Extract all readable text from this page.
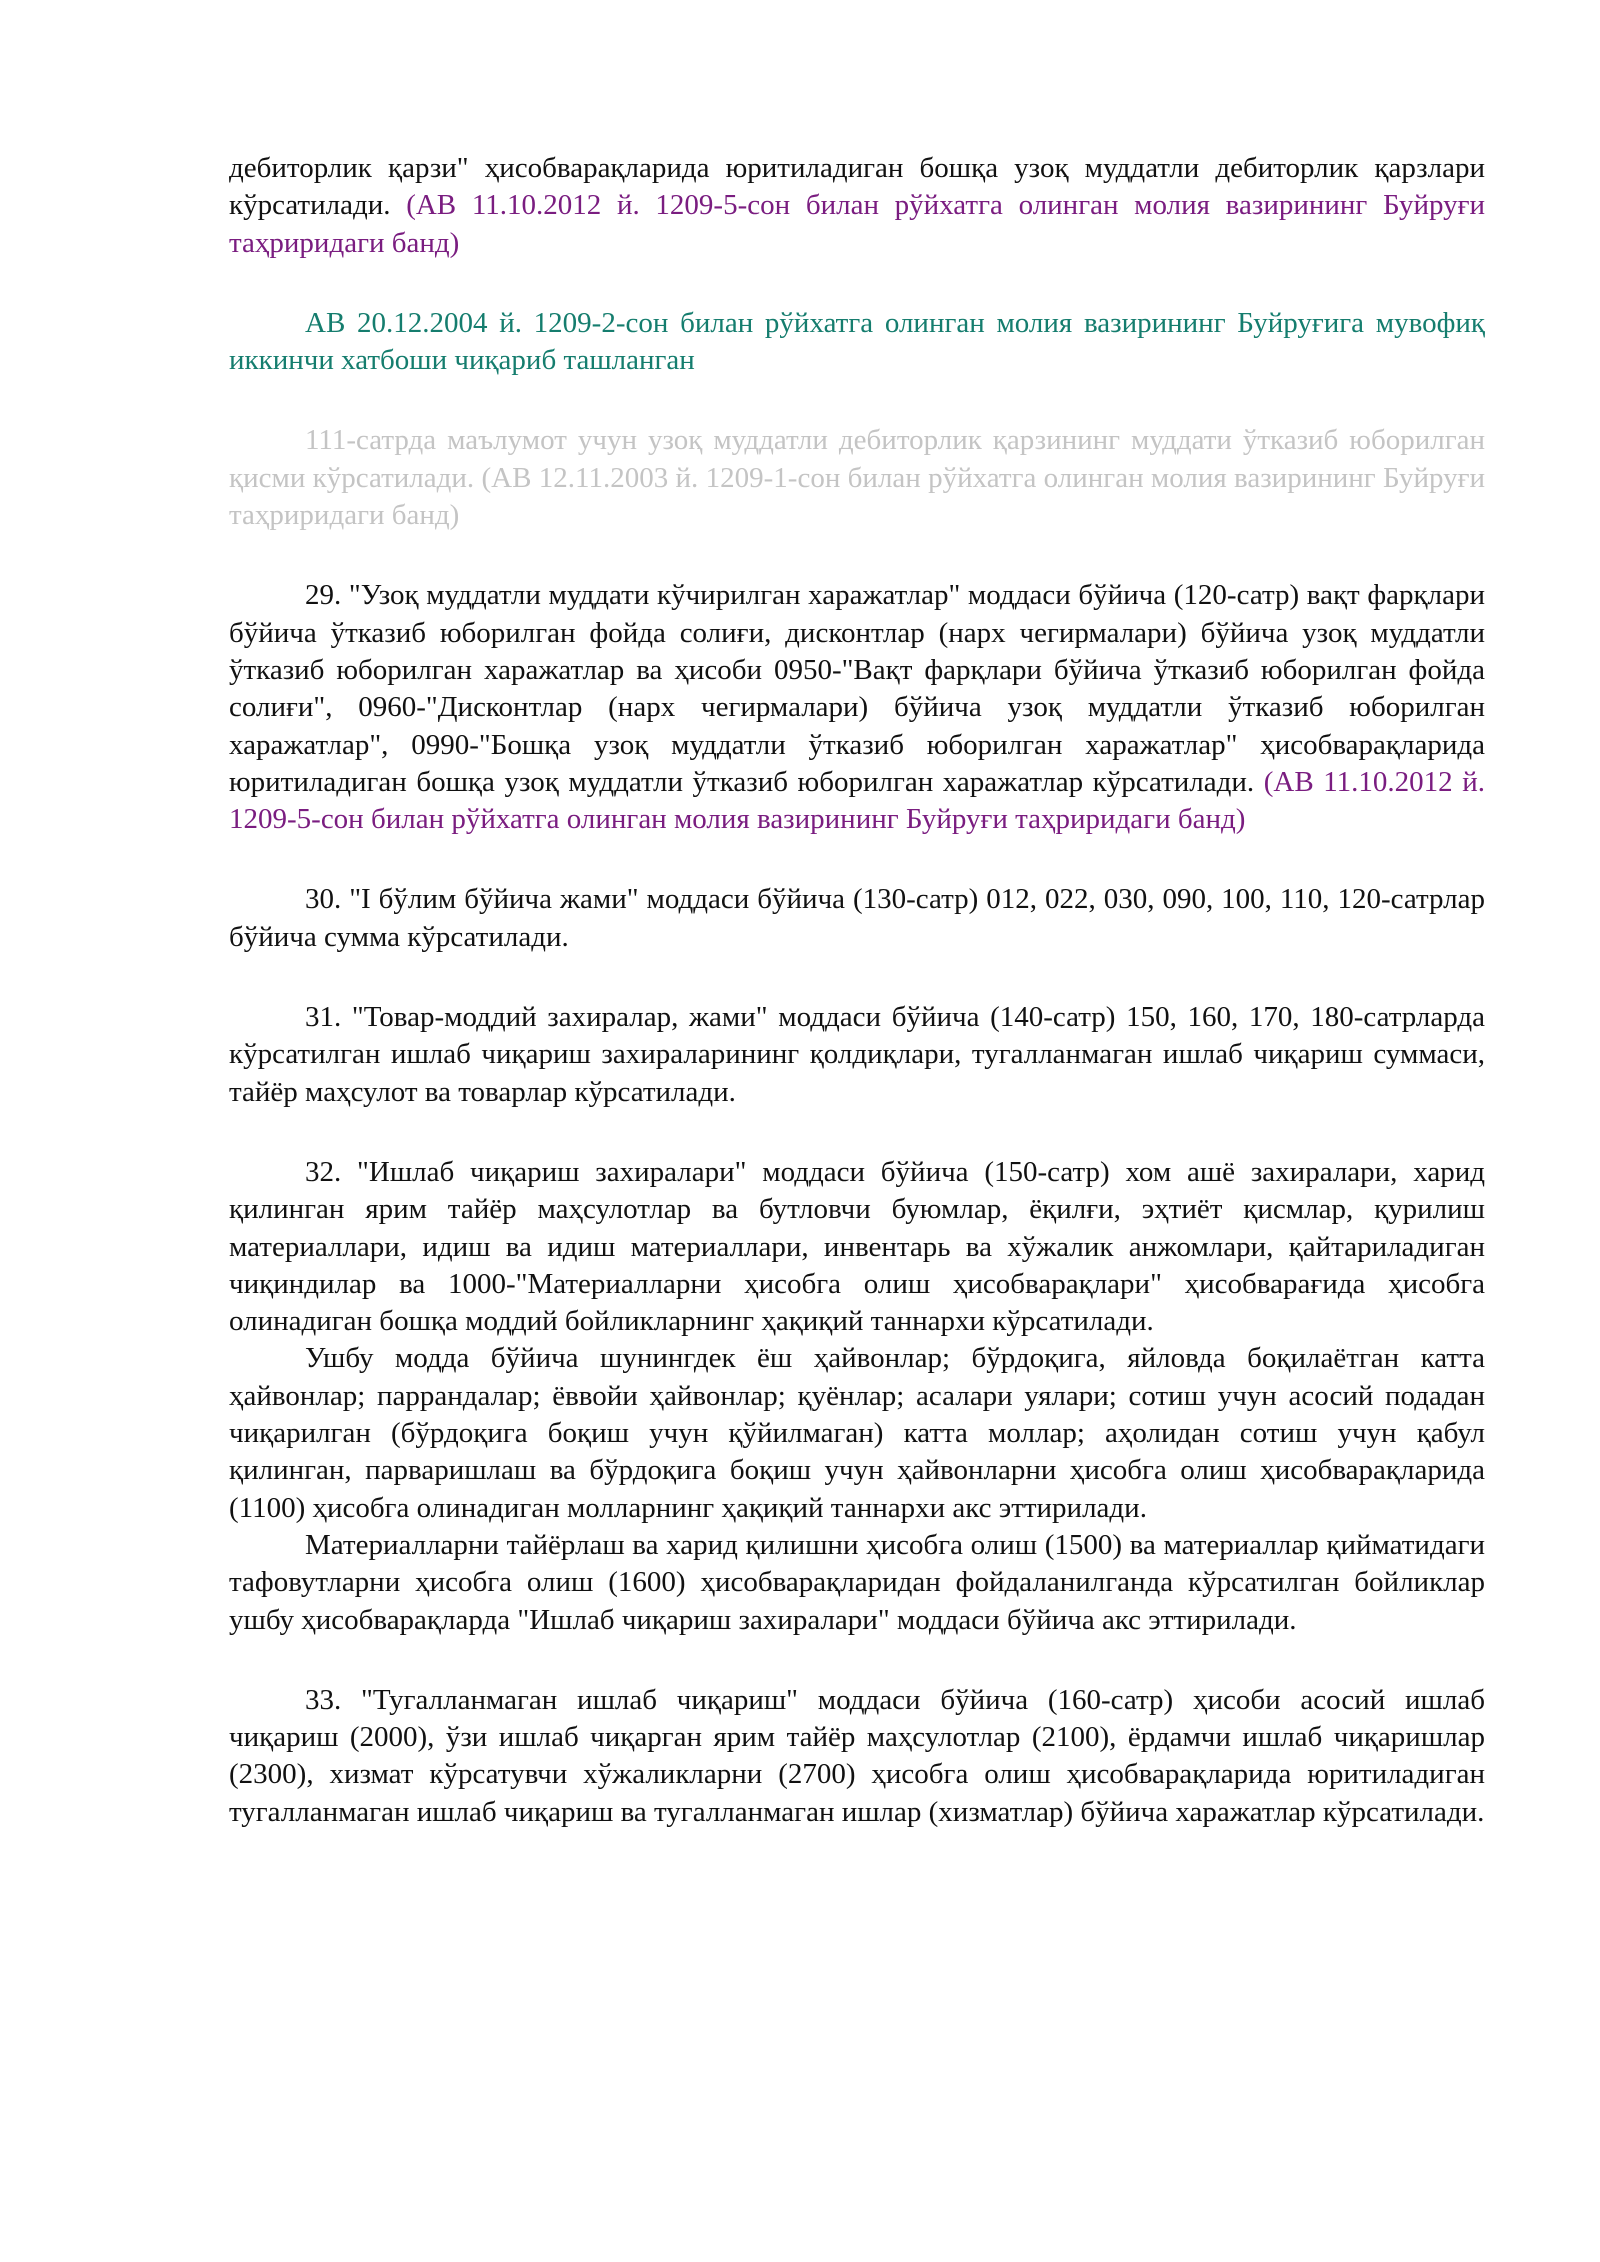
дебиторлик қарзи" ҳисобварақларида юритиладиган бошқа узоқ муддатли дебиторлик қарзлари кўрсатилади. (АВ 11.10.2012 й. 1209-5-сон билан рўйхатга олинган молия вазирининг Буйруғи таҳриридаги банд)

АВ 20.12.2004 й. 1209-2-сон билан рўйхатга олинган молия вазирининг Буйруғига мувофиқ иккинчи хатбоши чиқариб ташланган

111-сатрда маълумот учун узоқ муддатли дебиторлик қарзининг муддати ўтказиб юборилган қисми кўрсатилади. (АВ 12.11.2003 й. 1209-1-сон билан рўйхатга олинган молия вазирининг Буйруғи таҳриридаги банд)

29. "Узоқ муддатли муддати кўчирилган харажатлар" моддаси бўйича (120-сатр) вақт фарқлари бўйича ўтказиб юборилган фойда солиғи, дисконтлар (нарх чегирмалари) бўйича узоқ муддатли ўтказиб юборилган харажатлар ва ҳисоби 0950-"Вақт фарқлари бўйича ўтказиб юборилган фойда солиғи", 0960-"Дисконтлар (нарх чегирмалари) бўйича узоқ муддатли ўтказиб юборилган харажатлар", 0990-"Бошқа узоқ муддатли ўтказиб юборилган харажатлар" ҳисобварақларида юритиладиган бошқа узоқ муддатли ўтказиб юборилган харажатлар кўрсатилади. (АВ 11.10.2012 й. 1209-5-сон билан рўйхатга олинган молия вазирининг Буйруғи таҳриридаги банд)

30. "I бўлим бўйича жами" моддаси бўйича (130-сатр) 012, 022, 030, 090, 100, 110, 120-сатрлар бўйича сумма кўрсатилади.

31. "Товар-моддий захиралар, жами" моддаси бўйича (140-сатр) 150, 160, 170, 180-сатрларда кўрсатилган ишлаб чиқариш захираларининг қолдиқлари, тугалланмаган ишлаб чиқариш суммаси, тайёр маҳсулот ва товарлар кўрсатилади.

32. "Ишлаб чиқариш захиралари" моддаси бўйича (150-сатр) хом ашё захиралари, харид қилинган ярим тайёр маҳсулотлар ва бутловчи буюмлар, ёқилғи, эҳтиёт қисмлар, қурилиш материаллари, идиш ва идиш материаллари, инвентарь ва хўжалик анжомлари, қайтариладиган чиқиндилар ва 1000-"Материалларни ҳисобга олиш ҳисобварақлари" ҳисобварағида ҳисобга олинадиган бошқа моддий бойликларнинг ҳақиқий таннархи кўрсатилади.

Ушбу модда бўйича шунингдек ёш ҳайвонлар; бўрдоқига, яйловда боқилаётган катта ҳайвонлар; паррандалар; ёввойи ҳайвонлар; қуёнлар; асалари уялари; сотиш учун асосий подадан чиқарилган (бўрдоқига боқиш учун қўйилмаган) катта моллар; аҳолидан сотиш учун қабул қилинган, парваришлаш ва бўрдоқига боқиш учун ҳайвонларни ҳисобга олиш ҳисобварақларида (1100) ҳисобга олинадиган молларнинг ҳақиқий таннархи акс эттирилади.

Материалларни тайёрлаш ва харид қилишни ҳисобга олиш (1500) ва материаллар қийматидаги тафовутларни ҳисобга олиш (1600) ҳисобварақларидан фойдаланилганда кўрсатилган бойликлар ушбу ҳисобварақларда "Ишлаб чиқариш захиралари" моддаси бўйича акс эттирилади.

33. "Тугалланмаган ишлаб чиқариш" моддаси бўйича (160-сатр) ҳисоби асосий ишлаб чиқариш (2000), ўзи ишлаб чиқарган ярим тайёр маҳсулотлар (2100), ёрдамчи ишлаб чиқаришлар (2300), хизмат кўрсатувчи хўжаликларни (2700) ҳисобга олиш ҳисобварақларида юритиладиган тугалланмаган ишлаб чиқариш ва тугалланмаган ишлар (хизматлар) бўйича харажатлар кўрсатилади.
